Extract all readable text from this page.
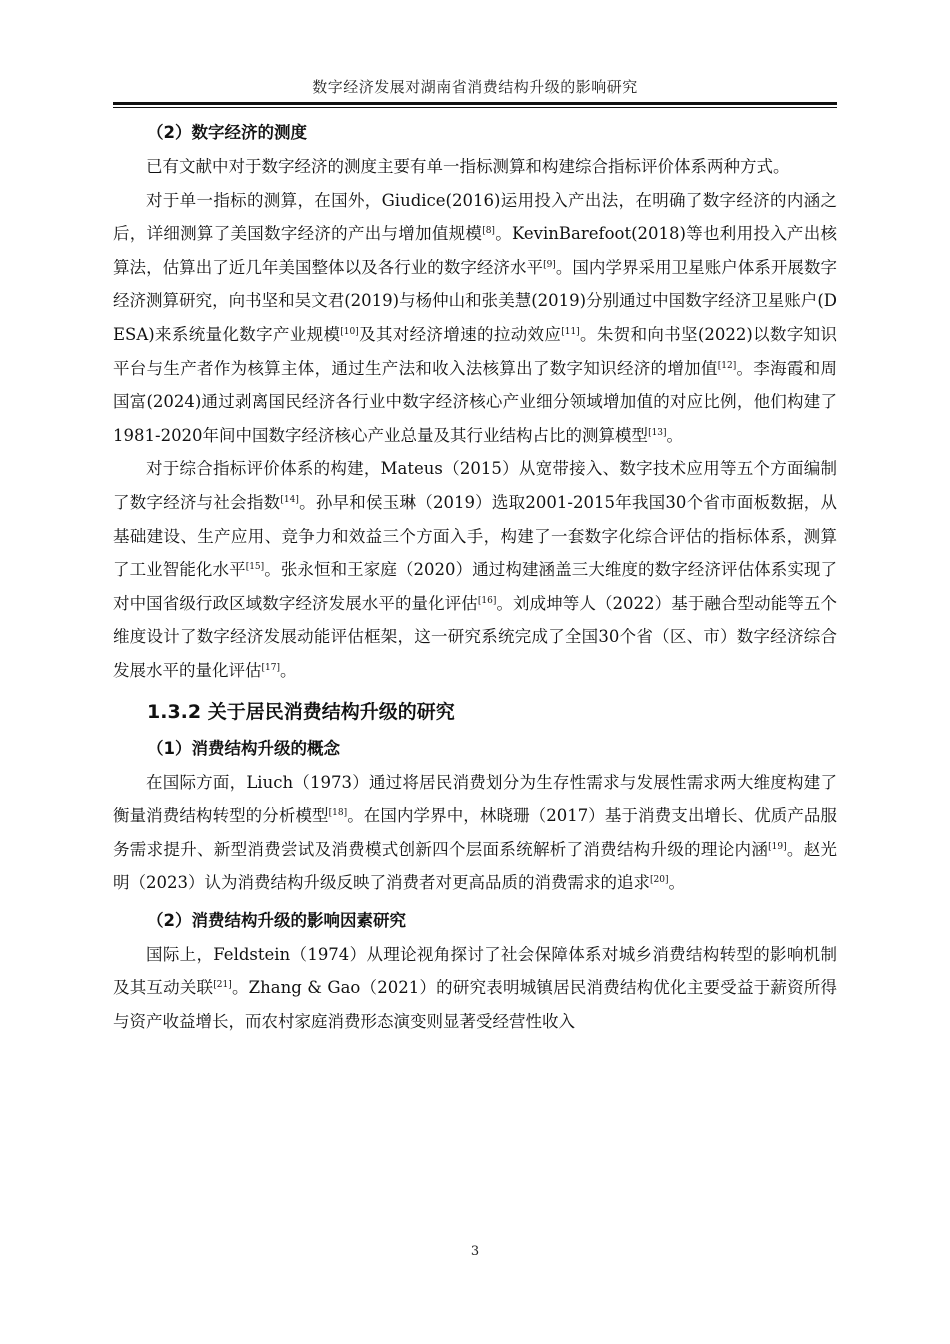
数字经济发展对湖南省消费结构升级的影响研究
（2）数字经济的测度

已有文献中对于数字经济的测度主要有单一指标测算和构建综合指标评价体系两种方式。

对于单一指标的测算，在国外，Giudice(2016)运用投入产出法，在明确了数字经济的内涵之后，详细测算了美国数字经济的产出与增加值规模[8]。KevinBarefoot(2018)等也利用投入产出核算法，估算出了近几年美国整体以及各行业的数字经济水平[9]。国内学界采用卫星账户体系开展数字经济测算研究，向书坚和吴文君(2019)与杨仲山和张美慧(2019)分别通过中国数字经济卫星账户(DESA)来系统量化数字产业规模[10]及其对经济增速的拉动效应[11]。朱贺和向书坚(2022)以数字知识平台与生产者作为核算主体，通过生产法和收入法核算出了数字知识经济的增加值[12]。李海霞和周国富(2024)通过剥离国民经济各行业中数字经济核心产业细分领域增加值的对应比例，他们构建了1981-2020年间中国数字经济核心产业总量及其行业结构占比的测算模型[13]。

对于综合指标评价体系的构建，Mateus（2015）从宽带接入、数字技术应用等五个方面编制了数字经济与社会指数[14]。孙早和侯玉琳（2019）选取2001-2015年我国30个省市面板数据，从基础建设、生产应用、竞争力和效益三个方面入手，构建了一套数字化综合评估的指标体系，测算了工业智能化水平[15]。张永恒和王家庭（2020）通过构建涵盖三大维度的数字经济评估体系实现了对中国省级行政区域数字经济发展水平的量化评估[16]。刘成坤等人（2022）基于融合型动能等五个维度设计了数字经济发展动能评估框架，这一研究系统完成了全国30个省（区、市）数字经济综合发展水平的量化评估[17]。

1.3.2 关于居民消费结构升级的研究
（1）消费结构升级的概念

在国际方面，Liuch（1973）通过将居民消费划分为生存性需求与发展性需求两大维度构建了衡量消费结构转型的分析模型[18]。在国内学界中，林晓珊（2017）基于消费支出增长、优质产品服务需求提升、新型消费尝试及消费模式创新四个层面系统解析了消费结构升级的理论内涵[19]。赵光明（2023）认为消费结构升级反映了消费者对更高品质的消费需求的追求[20]。

（2）消费结构升级的影响因素研究

国际上，Feldstein（1974）从理论视角探讨了社会保障体系对城乡消费结构转型的影响机制及其互动关联[21]。Zhang & Gao（2021）的研究表明城镇居民消费结构优化主要受益于薪资所得与资产收益增长，而农村家庭消费形态演变则显著受经营性收入

3
